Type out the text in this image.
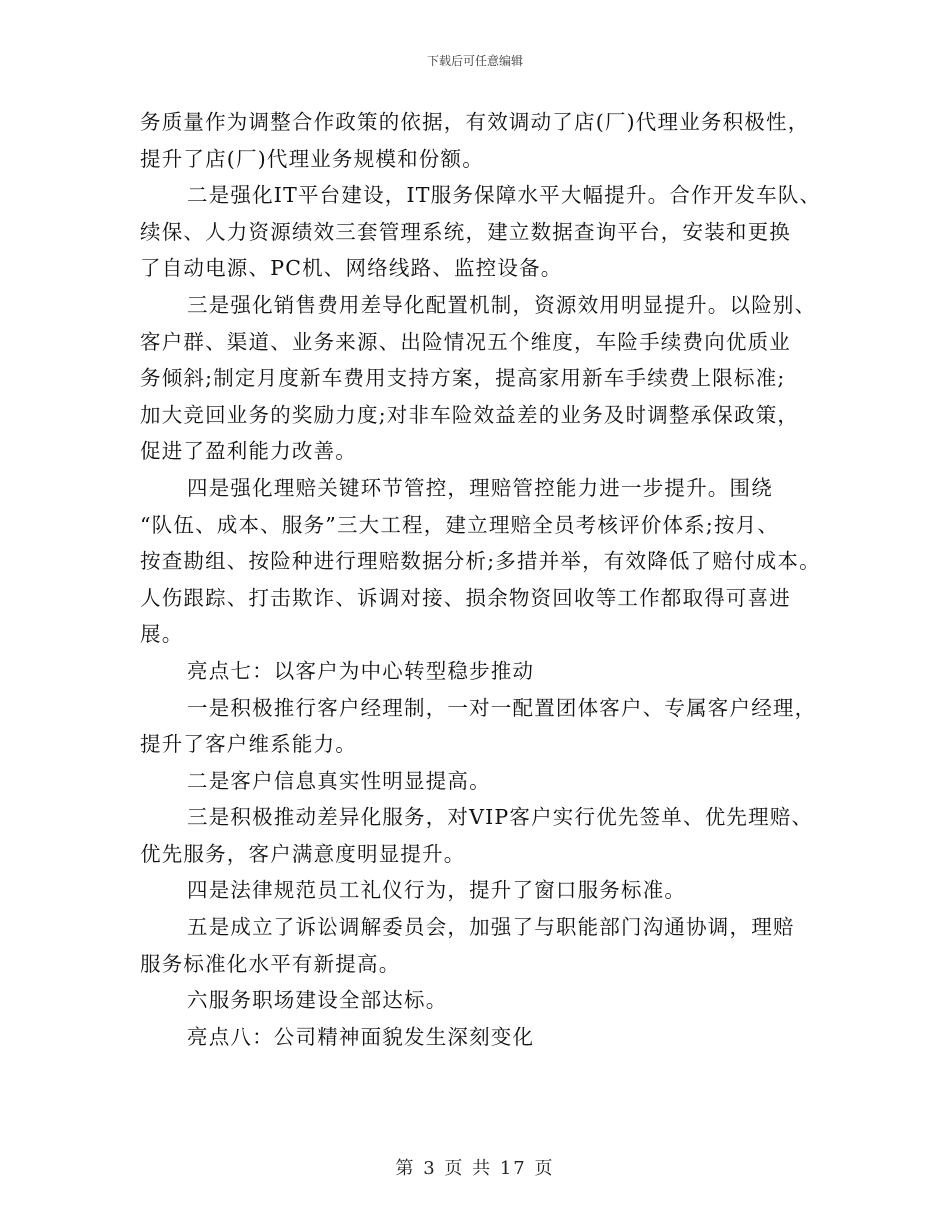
下载后可任意编辑
务质量作为调整合作政策的依据，有效调动了店(厂)代理业务积极性，
提升了店(厂)代理业务规模和份额。
二是强化IT平台建设，IT服务保障水平大幅提升。合作开发车队、
续保、人力资源绩效三套管理系统，建立数据查询平台，安装和更换
了自动电源、PC机、网络线路、监控设备。
三是强化销售费用差导化配置机制，资源效用明显提升。以险别、
客户群、渠道、业务来源、出险情况五个维度，车险手续费向优质业
务倾斜;制定月度新车费用支持方案，提高家用新车手续费上限标准;
加大竞回业务的奖励力度;对非车险效益差的业务及时调整承保政策，
促进了盈利能力改善。
四是强化理赔关键环节管控，理赔管控能力进一步提升。围绕
“队伍、成本、服务”三大工程，建立理赔全员考核评价体系;按月、
按查勘组、按险种进行理赔数据分析;多措并举，有效降低了赔付成本。
人伤跟踪、打击欺诈、诉调对接、损余物资回收等工作都取得可喜进
展。
亮点七：以客户为中心转型稳步推动
一是积极推行客户经理制，一对一配置团体客户、专属客户经理，
提升了客户维系能力。
二是客户信息真实性明显提高。
三是积极推动差异化服务，对VIP客户实行优先签单、优先理赔、
优先服务，客户满意度明显提升。
四是法律规范员工礼仪行为，提升了窗口服务标准。
五是成立了诉讼调解委员会，加强了与职能部门沟通协调，理赔
服务标准化水平有新提高。
六服务职场建设全部达标。
亮点八：公司精神面貌发生深刻变化
第 3 页 共 17 页
